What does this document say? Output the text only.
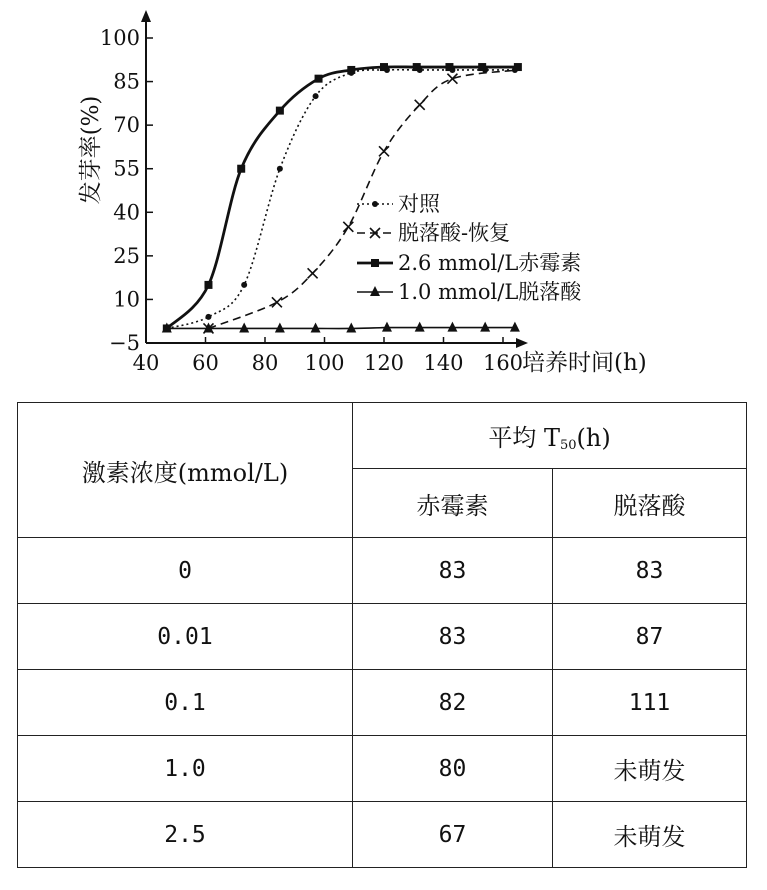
−5
10
25
40
55
70
85
100
40 60 80 100 120 140 160
发芽率(%)
培养时间(h)
对照
脱落酸-恢复
2.6 mmol/L赤霉素
1.0 mmol/L脱落酸
激素浓度(mmol/L)	平均 $T_{50}(h)$	
	赤霉素	脱落酸
0	83	83
0.01	83	87
0.1	82	111
1.0	80	未萌发
2.5	67	未萌发
